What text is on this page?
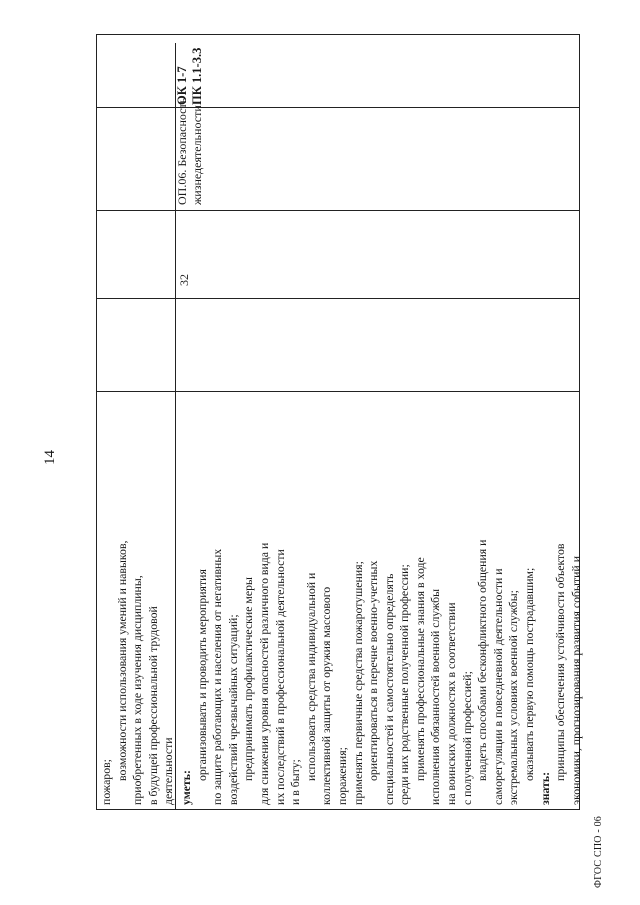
14

пожаров;

возможности использования умений и навыков, приобретенных в ходе изучения дисциплины, в будущей профессиональной трудовой деятельности уметь:

организовывать и проводить мероприятия по защите работающих и населения от негативных воздействий чрезвычайных ситуаций; предпринимать профилактические меры для снижения уровня опасностей различного вида и их последствий в профессиональной деятельности и в быту;

использовать средства индивидуальной и коллективной защиты от оружия массового поражения; применять первичные средства пожаротушения; ориентироваться в перечне военно-учетных специальностей и самостоятельно определять среди них родственные полученной профессии; применять профессиональные знания в ходе исполнения обязанностей военной службы на воинских должностях в соответствии с полученной профессией; владеть способами бесконфликтного общения и саморегуляции в повседневной деятельности и экстремальных условиях военной службы; оказывать первую помощь пострадавшим;

знать:

принципы обеспечения устойчивости объектов экономики, прогнозирования развития событий и

32
ОП.06. Безопасность жизнедеятельности
ОК 1-7 ПК 1.1-3.3
ФГОС СПО - 06
